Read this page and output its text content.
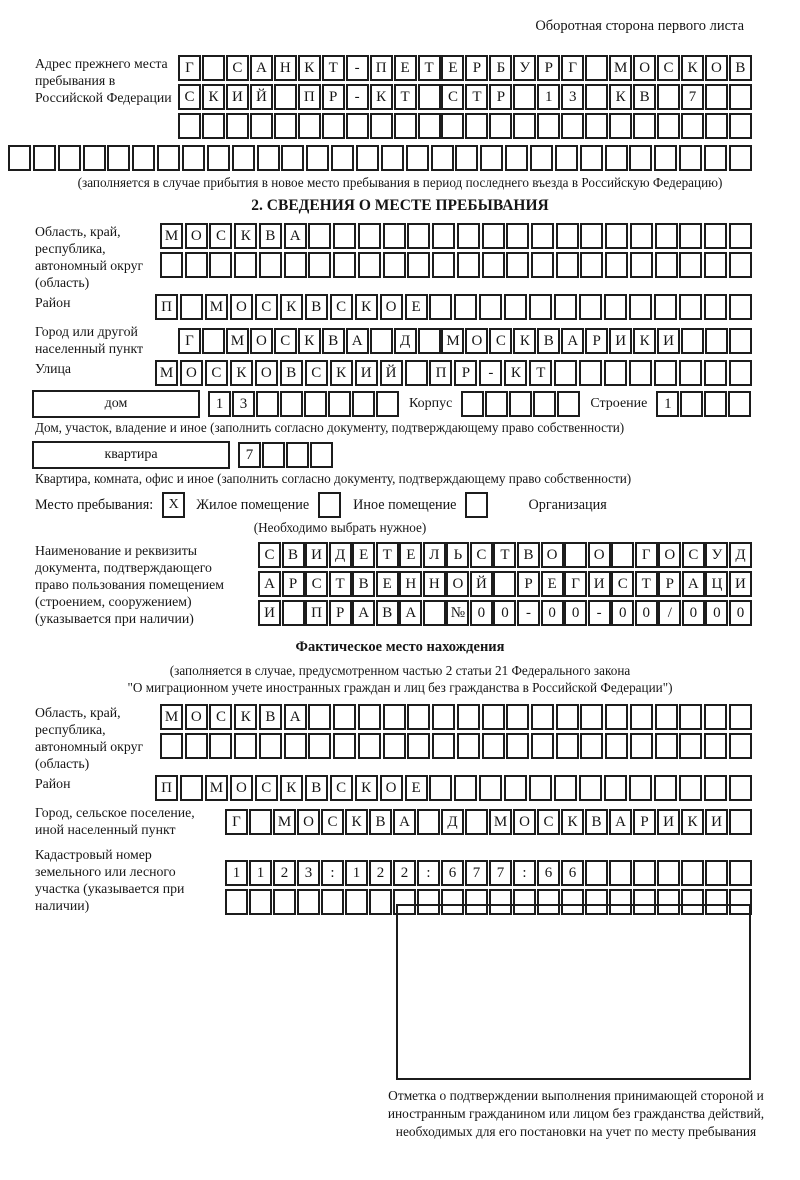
Оборотная сторона первого листа
Адрес прежнего места пребывания в Российской Федерации
Г	С А Н К Т	-	П Е Т Е	Р	Б У Р	Г	М О С К О В
С К И Й	П Р	-	К Т	С Т	Р	1	3	К В	7
(заполняется в случае прибытия в новое место пребывания в период последнего въезда в Российскую Федерацию)
2. СВЕДЕНИЯ О МЕСТЕ ПРЕБЫВАНИЯ
Область, край, республика, автономный округ (область)
М О С К В А
Район	П	М О С К В С К О Е
Город или другой населенный пункт	Г	М О С К В А	Д	М О С К В А Р И К И
Улица	М О С К О В С К И Й	П	Р	-	К	Т
дом	1	3	Корпус	Строение	1
Дом, участок, владение и иное (заполнить согласно документу, подтверждающему право собственности)
квартира	7
Квартира, комната, офис и иное (заполнить согласно документу, подтверждающему право собственности)
Место пребывания:	X	Жилое помещение	Иное помещение	Организация
(Необходимо выбрать нужное)
Наименование и реквизиты документа, подтверждающего право пользования помещением (строением, сооружением) (указывается при наличии)
С В И Д Е Т Е Л Ь С Т В О	О	Г О С У Д
А Р С Т В Е Н Н О Й	Р Е Г И С Т Р А Ц И
И	П Р А В А	№ 0	0	-	0	0	-	0	0	/	0	0	0
Фактическое место нахождения
(заполняется в случае, предусмотренном частью 2 статьи 21 Федерального закона
"О миграционном учете иностранных граждан и лиц без гражданства в Российской Федерации")
Область, край, республика, автономный округ (область)
М О С К В А
Район	П	М О С К В С К О Е
Город, сельское поселение, иной населенный пункт	Г	М О С К В А	Д	М О С К В А Р И К И
Кадастровый номер земельного или лесного участка (указывается при наличии)
1	1	2	3	:	1	2	2	:	6	7	7	:	6	6
Отметка о подтверждении выполнения принимающей стороной и иностранным гражданином или лицом без гражданства действий, необходимых для его постановки на учет по месту пребывания
